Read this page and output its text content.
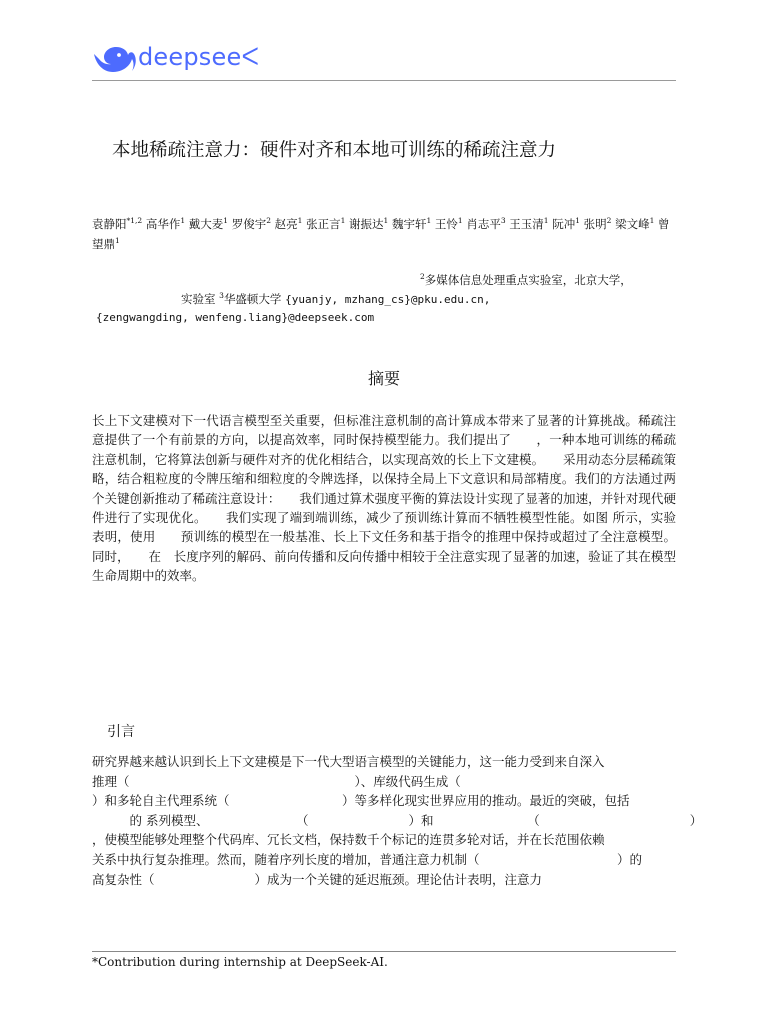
deepseeᐸ
本地稀疏注意力：硬件对齐和本地可训练的稀疏注意力
袁静阳$^{*1,2}$ 高华作$^1$ 戴大麦$^1$ 罗俊宇$^2$ 赵亮$^1$ 张正言$^1$ 谢振达$^1$ 魏宇轩$^1$ 王怜$^1$ 肖志平$^3$ 王玉清$^1$ 阮冲$^1$ 张明$^2$ 梁文峰$^1$ 曾望鼎$^1$
$^2$多媒体信息处理重点实验室，北京大学，
实验室 $^3$华盛顿大学 {yuanjy, mzhang_cs}@pku.edu.cn,
{zengwangding, wenfeng.liang}@deepseek.com
摘要
长上下文建模对下一代语言模型至关重要，但标准注意机制的高计算成本带来了显著的计算挑战。稀疏注意提供了一个有前景的方向，以提高效率，同时保持模型能力。我们提出了　　，一种本地可训练的稀疏注意机制，它将算法创新与硬件对齐的优化相结合，以实现高效的长上下文建模。　　采用动态分层稀疏策略，结合粗粒度的令牌压缩和细粒度的令牌选择，以保持全局上下文意识和局部精度。我们的方法通过两个关键创新推动了稀疏注意设计：　　我们通过算术强度平衡的算法设计实现了显著的加速，并针对现代硬件进行了实现优化。　　我们实现了端到端训练，减少了预训练计算而不牺牲模型性能。如图 所示，实验表明，使用　　预训练的模型在一般基准、长上下文任务和基于指令的推理中保持或超过了全注意模型。同时，　　在　长度序列的解码、前向传播和反向传播中相较于全注意实现了显著的加速，验证了其在模型生命周期中的效率。
引言
研究界越来越认识到长上下文建模是下一代大型语言模型的关键能力，这一能力受到来自深入
推理（　　　　　　　　　　　　　　　　　　）、库级代码生成（
）和多轮自主代理系统（　　　　　　　　　）等多样化现实世界应用的推动。最近的突破，包括
　　　的 系列模型、　　　　　　　　（　　　　　　　　）和　　　　　　　　（　　　　　　　　　　　　）
，使模型能够处理整个代码库、冗长文档，保持数千个标记的连贯多轮对话，并在长范围依赖
关系中执行复杂推理。然而，随着序列长度的增加，普通注意力机制（　　　　　　　　　　　）的
高复杂性（　　　　　　　　）成为一个关键的延迟瓶颈。理论估计表明，注意力
*Contribution during internship at DeepSeek-AI.
